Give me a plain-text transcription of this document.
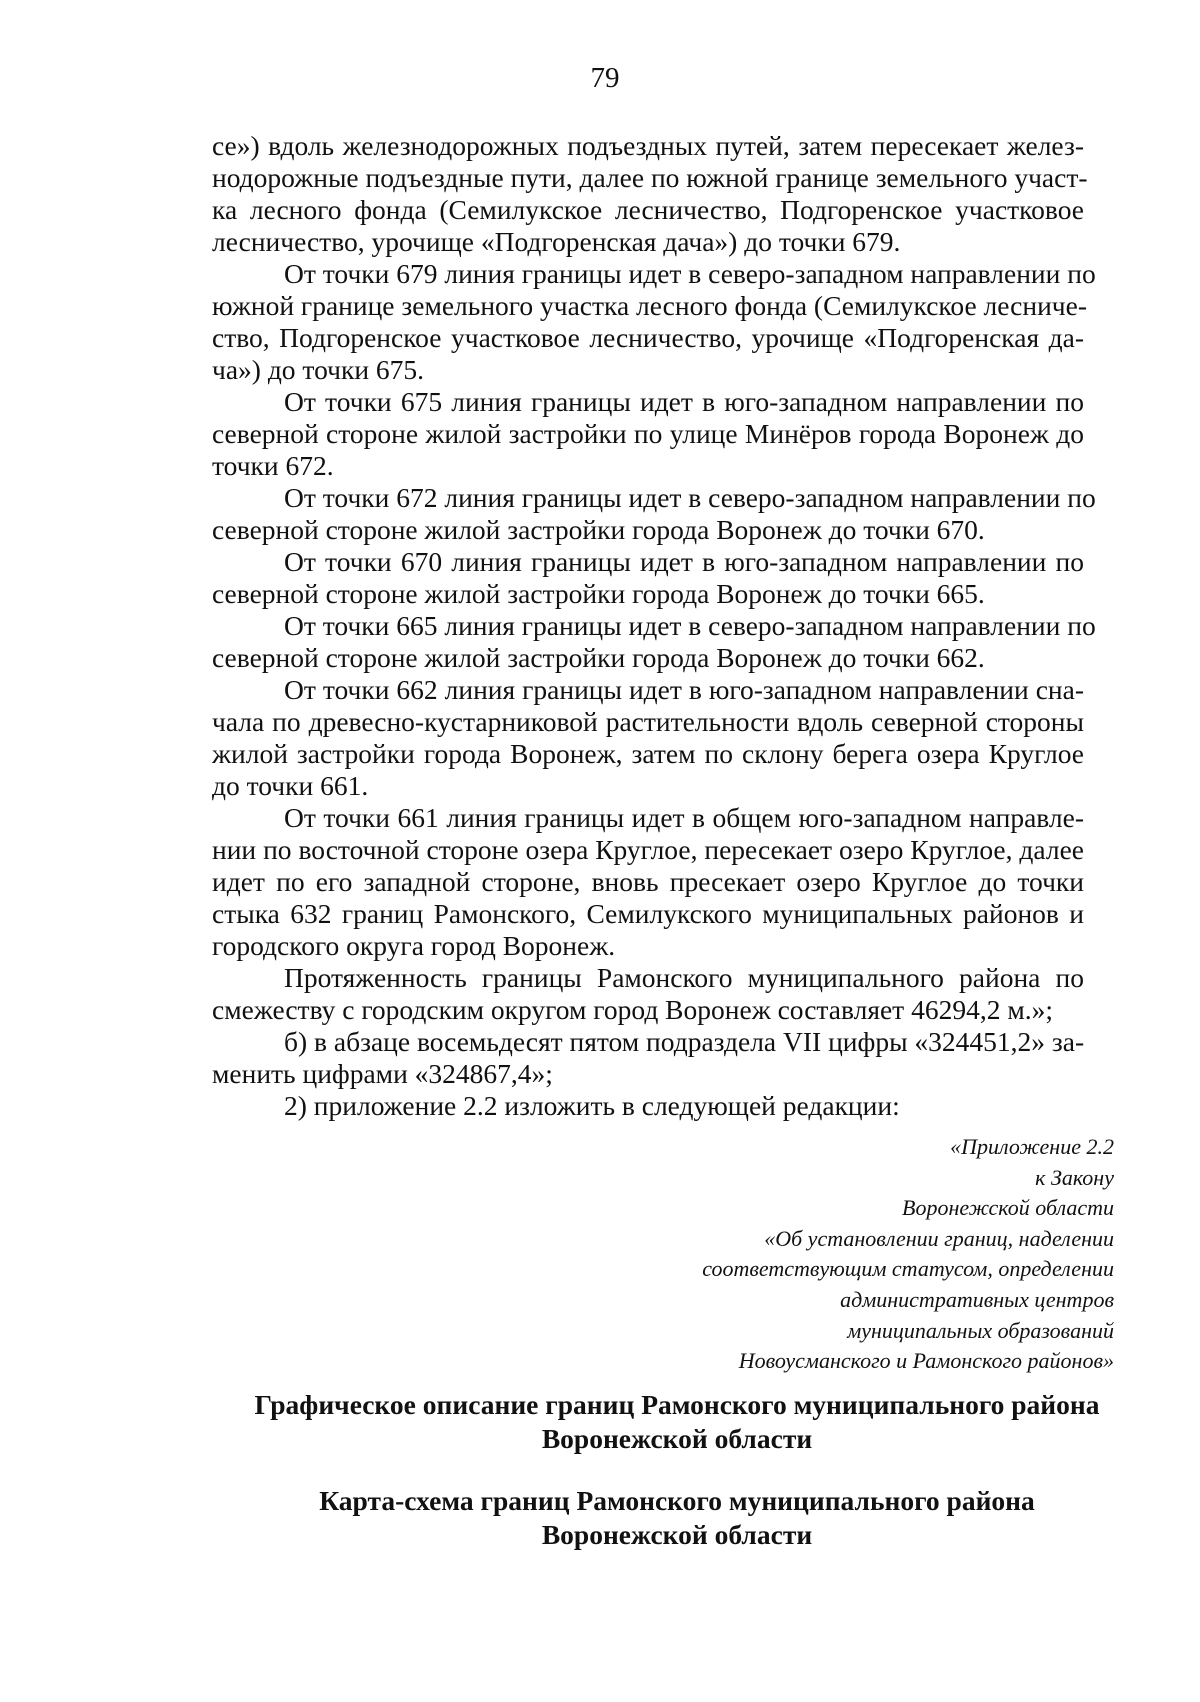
79
се») вдоль железнодорожных подъездных путей, затем пересекает желез-
нодорожные подъездные пути, далее по южной границе земельного участ-
ка лесного фонда (Семилукское лесничество, Подгоренское участковое
лесничество, урочище «Подгоренская дача») до точки 679.
От точки 679 линия границы идет в северо-западном направлении по
южной границе земельного участка лесного фонда (Семилукское лесниче-
ство, Подгоренское участковое лесничество, урочище «Подгоренская да-
ча») до точки 675.
От точки 675 линия границы идет в юго-западном направлении по
северной стороне жилой застройки по улице Минёров города Воронеж до
точки 672.
От точки 672 линия границы идет в северо-западном направлении по
северной стороне жилой застройки города Воронеж до точки 670.
От точки 670 линия границы идет в юго-западном направлении по
северной стороне жилой застройки города Воронеж до точки 665.
От точки 665 линия границы идет в северо-западном направлении по
северной стороне жилой застройки города Воронеж до точки 662.
От точки 662 линия границы идет в юго-западном направлении сна-
чала по древесно-кустарниковой растительности вдоль северной стороны
жилой застройки города Воронеж, затем по склону берега озера Круглое
до точки 661.
От точки 661 линия границы идет в общем юго-западном направле-
нии по восточной стороне озера Круглое, пересекает озеро Круглое, далее
идет по его западной стороне, вновь пресекает озеро Круглое до точки
стыка 632 границ Рамонского, Семилукского муниципальных районов и
городского округа город Воронеж.
Протяженность границы Рамонского муниципального района по
смежеству с городским округом город Воронеж составляет 46294,2 м.»;
б) в абзаце восемьдесят пятом подраздела VII цифры «324451,2» за-
менить цифрами «324867,4»;
2) приложение 2.2 изложить в следующей редакции:
«Приложение 2.2
к Закону
Воронежской области
«Об установлении границ, наделении
соответствующим статусом, определении
административных центров
муниципальных образований
Новоусманского и Рамонского районов»
Графическое описание границ Рамонского муниципального района
Воронежской области
Карта-схема границ Рамонского муниципального района
Воронежской области
